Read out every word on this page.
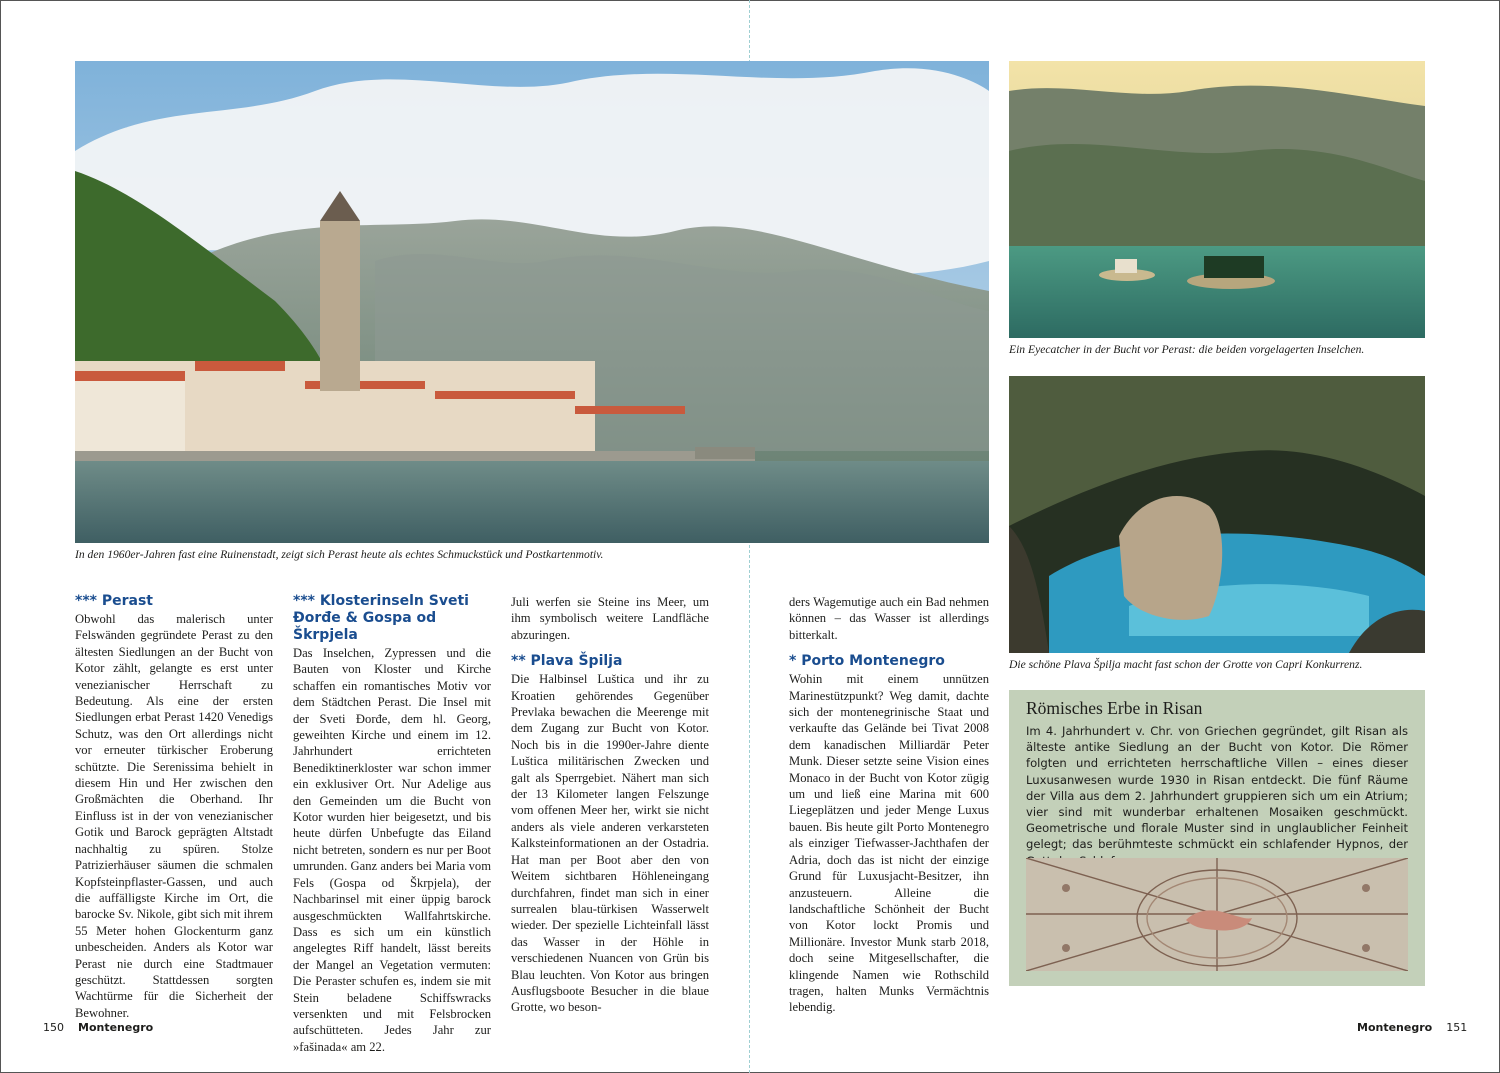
In den 1960er-Jahren fast eine Ruinenstadt, zeigt sich Perast heute als echtes Schmuckstück und Postkartenmotiv.
Ein Eyecatcher in der Bucht vor Perast: die beiden vorgelagerten Inselchen.
Die schöne Plava Špilja macht fast schon der Grotte von Capri Konkurrenz.
*** Perast

Obwohl das malerisch unter Felswänden gegründete Perast zu den ältesten Siedlungen an der Bucht von Kotor zählt, gelangte es erst unter venezianischer Herrschaft zu Bedeutung. Als eine der ersten Siedlungen erbat Perast 1420 Venedigs Schutz, was den Ort allerdings nicht vor erneuter türkischer Eroberung schützte. Die Serenissima behielt in diesem Hin und Her zwischen den Großmächten die Oberhand. Ihr Einfluss ist in der von venezianischer Gotik und Barock geprägten Altstadt nachhaltig zu spüren. Stolze Patrizierhäuser säumen die schmalen Kopfsteinpflaster-Gassen, und auch die auffälligste Kirche im Ort, die barocke Sv. Nikole, gibt sich mit ihrem 55 Meter hohen Glockenturm ganz unbescheiden. Anders als Kotor war Perast nie durch eine Stadtmauer geschützt. Stattdessen sorgten Wachtürme für die Sicherheit der Bewohner.

*** Klosterinseln Sveti Đorđe & Gospa od Škrpjela

Das Inselchen, Zypressen und die Bauten von Kloster und Kirche schaffen ein romantisches Motiv vor dem Städtchen Perast. Die Insel mit der Sveti Đorđe, dem hl. Georg, geweihten Kirche und einem im 12. Jahrhundert errichteten Benediktinerkloster war schon immer ein exklusiver Ort. Nur Adelige aus den Gemeinden um die Bucht von Kotor wurden hier beigesetzt, und bis heute dürfen Unbefugte das Eiland nicht betreten, sondern es nur per Boot umrunden. Ganz anders bei Maria vom Fels (Gospa od Škrpjela), der Nachbarinsel mit einer üppig barock ausgeschmückten Wallfahrtskirche. Dass es sich um ein künstlich angelegtes Riff handelt, lässt bereits der Mangel an Vegetation vermuten: Die Peraster schufen es, indem sie mit Stein beladene Schiffswracks versenkten und mit Felsbrocken aufschütteten. Jedes Jahr zur »fašinada« am 22.

Juli werfen sie Steine ins Meer, um ihm symbolisch weitere Landfläche abzuringen.

** Plava Špilja

Die Halbinsel Luštica und ihr zu Kroatien gehörendes Gegenüber Prevlaka bewachen die Meerenge mit dem Zugang zur Bucht von Kotor. Noch bis in die 1990er-Jahre diente Luštica militärischen Zwecken und galt als Sperrgebiet. Nähert man sich der 13 Kilometer langen Felszunge vom offenen Meer her, wirkt sie nicht anders als viele anderen verkarsteten Kalksteinformationen an der Ostadria. Hat man per Boot aber den von Weitem sichtbaren Höhleneingang durchfahren, findet man sich in einer surrealen blau-türkisen Wasserwelt wieder. Der spezielle Lichteinfall lässt das Wasser in der Höhle in verschiedenen Nuancen von Grün bis Blau leuchten. Von Kotor aus bringen Ausflugsboote Besucher in die blaue Grotte, wo beson-

ders Wagemutige auch ein Bad nehmen können – das Wasser ist allerdings bitterkalt.

* Porto Montenegro

Wohin mit einem unnützen Marinestützpunkt? Weg damit, dachte sich der montenegrinische Staat und verkaufte das Gelände bei Tivat 2008 dem kanadischen Milliardär Peter Munk. Dieser setzte seine Vision eines Monaco in der Bucht von Kotor zügig um und ließ eine Marina mit 600 Liegeplätzen und jeder Menge Luxus bauen. Bis heute gilt Porto Montenegro als einziger Tiefwasser-Jachthafen der Adria, doch das ist nicht der einzige Grund für Luxusjacht-Besitzer, ihn anzusteuern. Alleine die landschaftliche Schönheit der Bucht von Kotor lockt Promis und Millionäre. Investor Munk starb 2018, doch seine Mitgesellschafter, die klingende Namen wie Rothschild tragen, halten Munks Vermächtnis lebendig.

Römisches Erbe in Risan

Im 4. Jahrhundert v. Chr. von Griechen gegründet, gilt Risan als älteste antike Siedlung an der Bucht von Kotor. Die Römer folgten und errichteten herrschaftliche Villen – eines dieser Luxusanwesen wurde 1930 in Risan entdeckt. Die fünf Räume der Villa aus dem 2. Jahrhundert gruppieren sich um ein Atrium; vier sind mit wunderbar erhaltenen Mosaiken geschmückt. Geometrische und florale Muster sind in unglaublicher Feinheit gelegt; das berühmteste schmückt ein schlafender Hypnos, der

150 Montenegro	Montenegro 151
